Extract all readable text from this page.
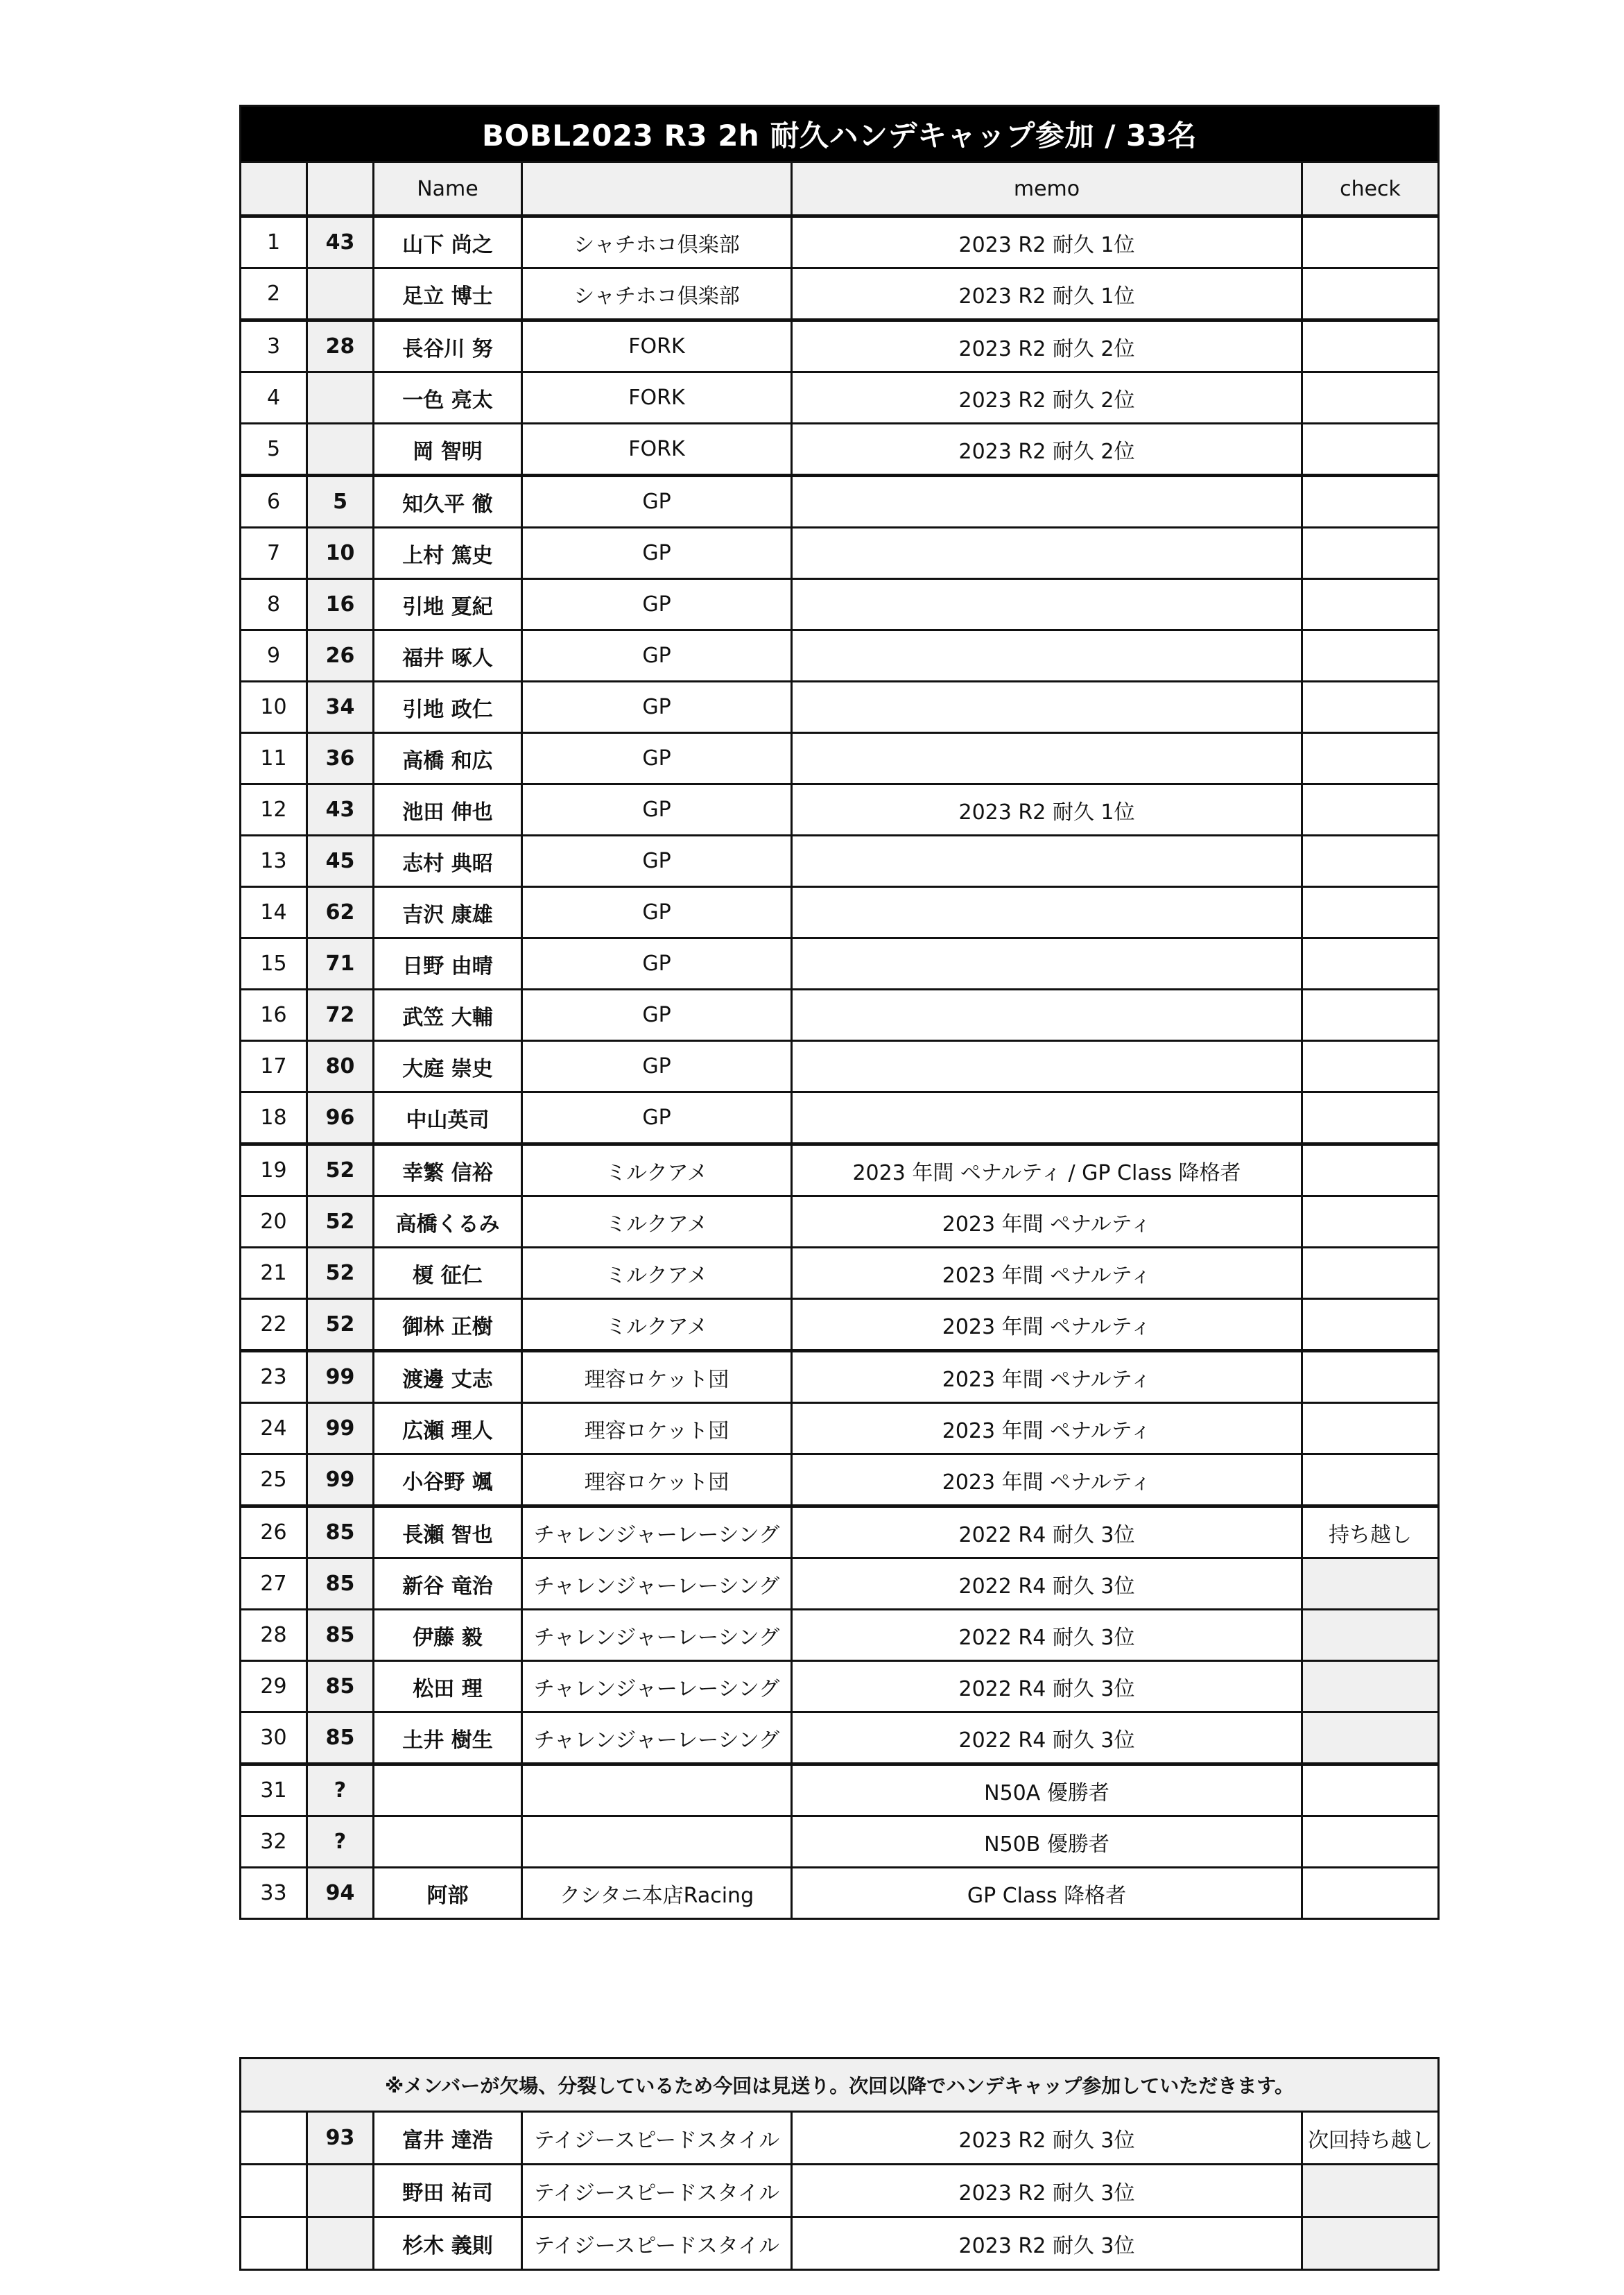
BOBL2023 R3 2h 耐久ハンデキャップ参加 / 33名					
		Name		memo	check
1	43	山下 尚之	シャチホコ倶楽部	2023 R2 耐久 1位	
2		足立 博士	シャチホコ倶楽部	2023 R2 耐久 1位	
3	28	長谷川 努	FORK	2023 R2 耐久 2位	
4		一色 亮太	FORK	2023 R2 耐久 2位	
5		岡 智明	FORK	2023 R2 耐久 2位	
6	5	知久平 徹	GP		
7	10	上村 篤史	GP		
8	16	引地 夏紀	GP		
9	26	福井 啄人	GP		
10	34	引地 政仁	GP		
11	36	高橋 和広	GP		
12	43	池田 伸也	GP	2023 R2 耐久 1位	
13	45	志村 典昭	GP		
14	62	吉沢 康雄	GP		
15	71	日野 由晴	GP		
16	72	武笠 大輔	GP		
17	80	大庭 崇史	GP		
18	96	中山英司	GP		
19	52	幸繁 信裕	ミルクアメ	2023 年間 ペナルティ / GP Class 降格者	
20	52	高橋くるみ	ミルクアメ	2023 年間 ペナルティ	
21	52	榎 征仁	ミルクアメ	2023 年間 ペナルティ	
22	52	御林 正樹	ミルクアメ	2023 年間 ペナルティ	
23	99	渡邊 丈志	理容ロケット団	2023 年間 ペナルティ	
24	99	広瀬 理人	理容ロケット団	2023 年間 ペナルティ	
25	99	小谷野 颯	理容ロケット団	2023 年間 ペナルティ	
26	85	長瀬 智也	チャレンジャーレーシング	2022 R4 耐久 3位	持ち越し
27	85	新谷 竜治	チャレンジャーレーシング	2022 R4 耐久 3位	
28	85	伊藤 毅	チャレンジャーレーシング	2022 R4 耐久 3位	
29	85	松田 理	チャレンジャーレーシング	2022 R4 耐久 3位	
30	85	土井 樹生	チャレンジャーレーシング	2022 R4 耐久 3位	
31	?			N50A 優勝者	
32	?			N50B 優勝者	
33	94	阿部	クシタニ本店Racing	GP Class 降格者	
※メンバーが欠場、分裂しているため今回は見送り。次回以降でハンデキャップ参加していただきます。					
	93	富井 達浩	テイジースピードスタイル	2023 R2 耐久 3位	次回持ち越し
		野田 祐司	テイジースピードスタイル	2023 R2 耐久 3位	
		杉木 義則	テイジースピードスタイル	2023 R2 耐久 3位	
